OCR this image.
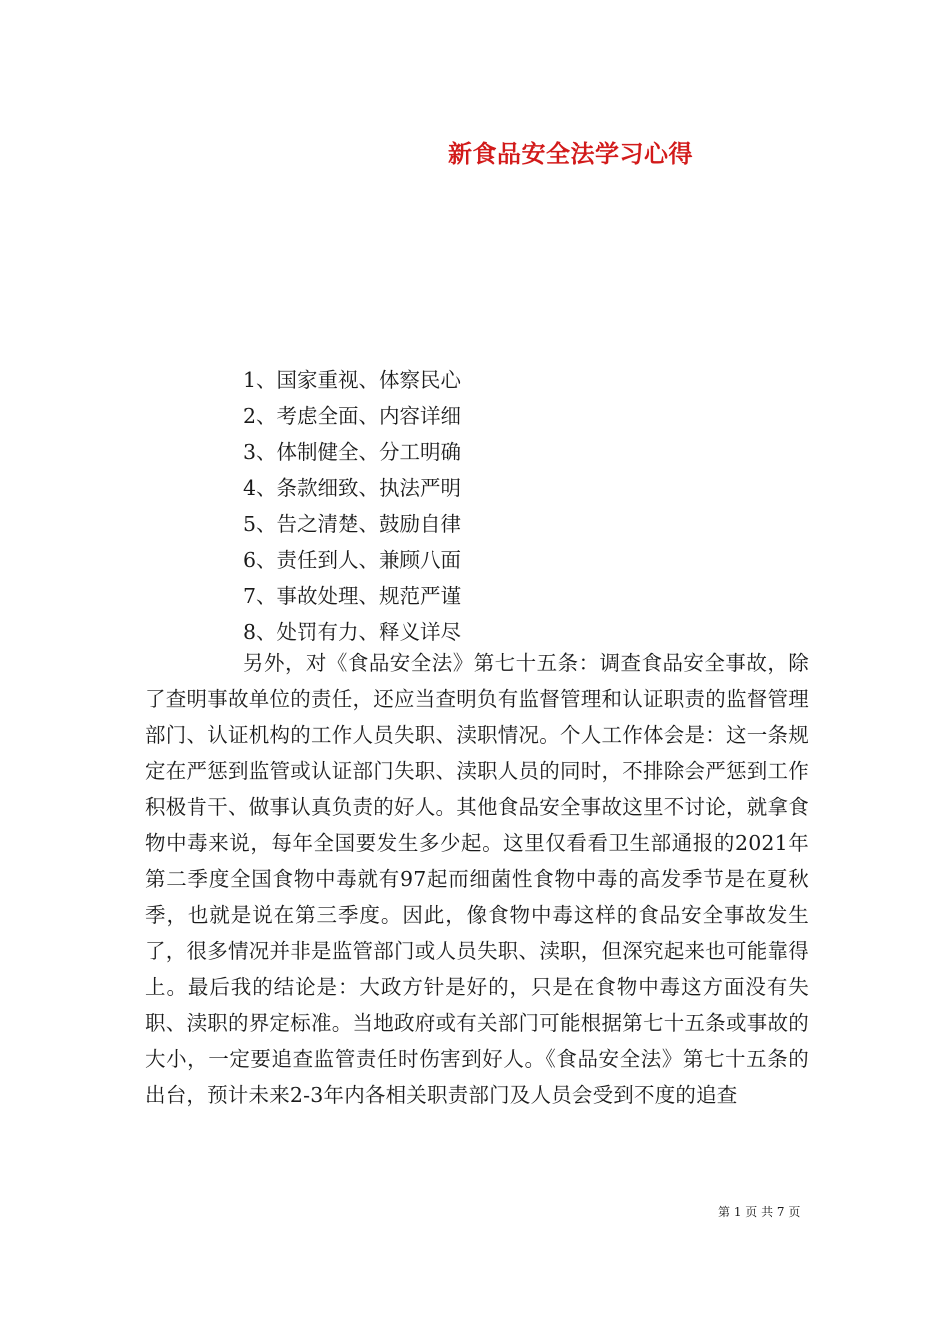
新食品安全法学习心得
1、国家重视、体察民心
2、考虑全面、内容详细
3、体制健全、分工明确
4、条款细致、执法严明
5、告之清楚、鼓励自律
6、责任到人、兼顾八面
7、事故处理、规范严谨
8、处罚有力、释义详尽

另外，对《食品安全法》第七十五条：调查食品安全事故，除了查明事故单位的责任，还应当查明负有监督管理和认证职责的监督管理部门、认证机构的工作人员失职、渎职情况。个人工作体会是：这一条规定在严惩到监管或认证部门失职、渎职人员的同时，不排除会严惩到工作积极肯干、做事认真负责的好人。其他食品安全事故这里不讨论，就拿食物中毒来说，每年全国要发生多少起。这里仅看看卫生部通报的2021年第二季度全国食物中毒就有97起而细菌性食物中毒的高发季节是在夏秋季，也就是说在第三季度。因此，像食物中毒这样的食品安全事故发生了，很多情况并非是监管部门或人员失职、渎职，但深究起来也可能靠得上。最后我的结论是：大政方针是好的，只是在食物中毒这方面没有失职、渎职的界定标准。当地政府或有关部门可能根据第七十五条或事故的大小，一定要追查监管责任时伤害到好人。《食品安全法》第七十五条的出台，预计未来2-3年内各相关职责部门及人员会受到不度的追查

第 1 页 共 7 页
